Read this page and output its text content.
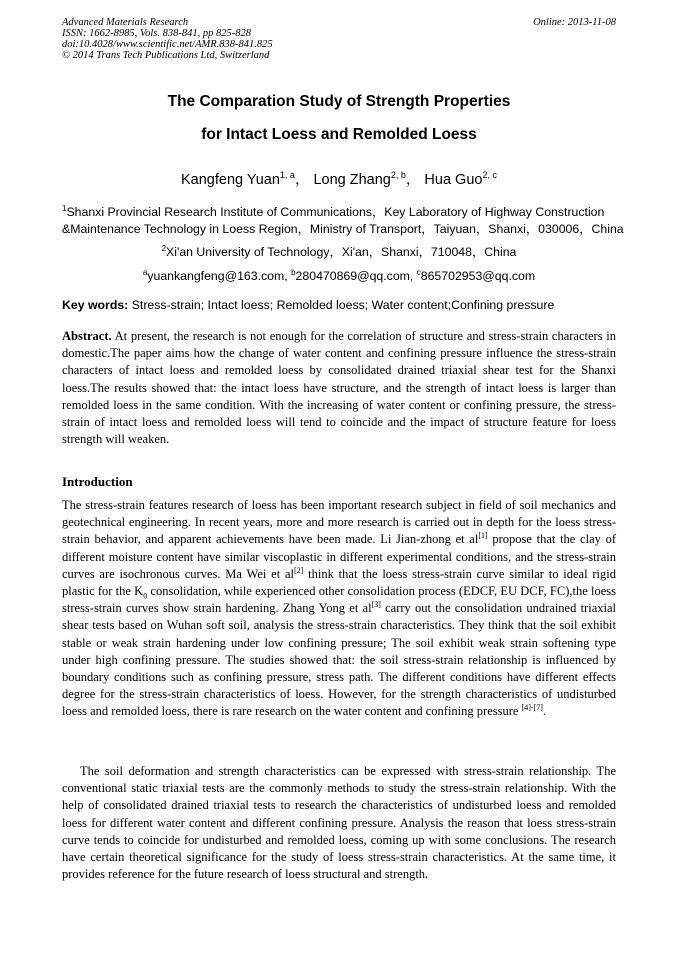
Advanced Materials Research
ISSN: 1662-8985, Vols. 838-841, pp 825-828
doi:10.4028/www.scientific.net/AMR.838-841.825
© 2014 Trans Tech Publications Ltd, Switzerland
Online: 2013-11-08
The Comparation Study of Strength Properties
for Intact Loess and Remolded Loess
Kangfeng Yuan$^{1, a}$， Long Zhang$^{2, b}$， Hua Guo$^{2, c}$
$^1$Shanxi Provincial Research Institute of Communications，Key Laboratory of Highway Construction
&Maintenance Technology in Loess Region，Ministry of Transport，Taiyuan，Shanxi，030006，China
$^2$Xi'an University of Technology，Xi'an，Shanxi，710048，China
$^a$yuankangfeng@163.com, $^b$280470869@qq.com, $^c$865702953@qq.com
Key words: Stress-strain; Intact loess; Remolded loess; Water content;Confining pressure
Abstract. At present, the research is not enough for the correlation of structure and stress-strain characters in domestic.The paper aims how the change of water content and confining pressure influence the stress-strain characters of intact loess and remolded loess by consolidated drained triaxial shear test for the Shanxi loess.The results showed that: the intact loess have structure, and the strength of intact loess is larger than remolded loess in the same condition. With the increasing of water content or confining pressure, the stress-strain of intact loess and remolded loess will tend to coincide and the impact of structure feature for loess strength will weaken.
Introduction
The stress-strain features research of loess has been important research subject in field of soil mechanics and geotechnical engineering. In recent years, more and more research is carried out in depth for the loess stress-strain behavior, and apparent achievements have been made. Li Jian-zhong et al[1] propose that the clay of different moisture content have similar viscoplastic in different experimental conditions, and the stress-strain curves are isochronous curves. Ma Wei et al[2] think that the loess stress-strain curve similar to ideal rigid plastic for the $K_0$ consolidation, while experienced other consolidation process (EDCF, EU DCF, FC),the loess stress-strain curves show strain hardening. Zhang Yong et al[3] carry out the consolidation undrained triaxial shear tests based on Wuhan soft soil, analysis the stress-strain characteristics. They think that the soil exhibit stable or weak strain hardening under low confining pressure; The soil exhibit weak strain softening type under high confining pressure. The studies showed that: the soil stress-strain relationship is influenced by boundary conditions such as confining pressure, stress path. The different conditions have different effects degree for the stress-strain characteristics of loess. However, for the strength characteristics of undisturbed loess and remolded loess, there is rare research on the water content and confining pressure [4]-[7].
The soil deformation and strength characteristics can be expressed with stress-strain relationship. The conventional static triaxial tests are the commonly methods to study the stress-strain relationship. With the help of consolidated drained triaxial tests to research the characteristics of undisturbed loess and remolded loess for different water content and different confining pressure. Analysis the reason that loess stress-strain curve tends to coincide for undisturbed and remolded loess, coming up with some conclusions. The research have certain theoretical significance for the study of loess stress-strain characteristics. At the same time, it provides reference for the future research of loess structural and strength.
